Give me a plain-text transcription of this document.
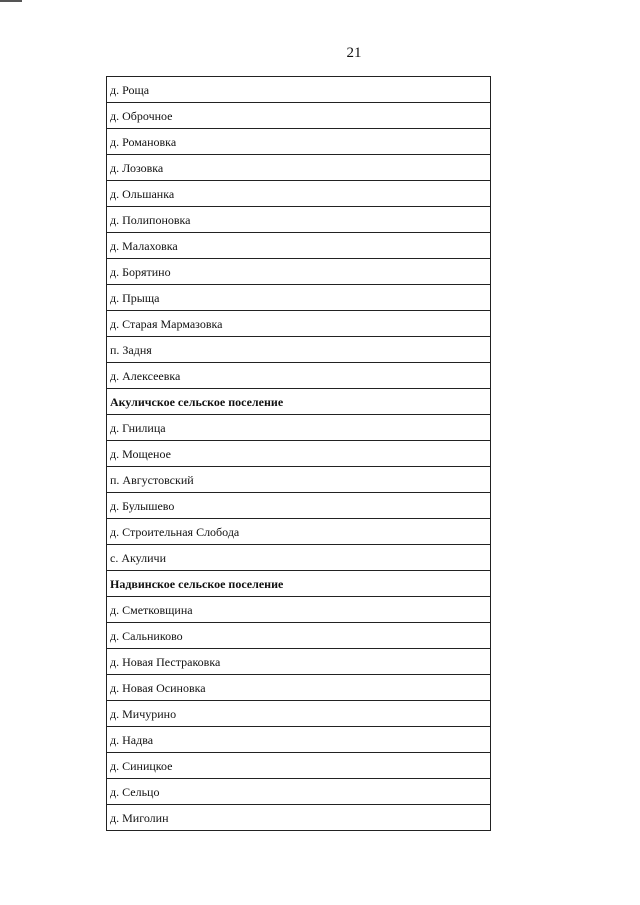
21
д. Роща
д. Оброчное
д. Романовка
д. Лозовка
д. Ольшанка
д. Полипоновка
д. Малаховка
д. Борятино
д. Прыща
д. Старая Мармазовка
п. Задня
д. Алексеевка
Акуличское сельское поселение
д. Гнилица
д. Мощеное
п. Августовский
д. Булышево
д. Строительная Слобода
с. Акуличи
Надвинское сельское поселение
д. Сметковщина
д. Сальниково
д. Новая Пестраковка
д. Новая Осиновка
д. Мичурино
д. Надва
д. Синицкое
д. Сельцо
д. Миголин
